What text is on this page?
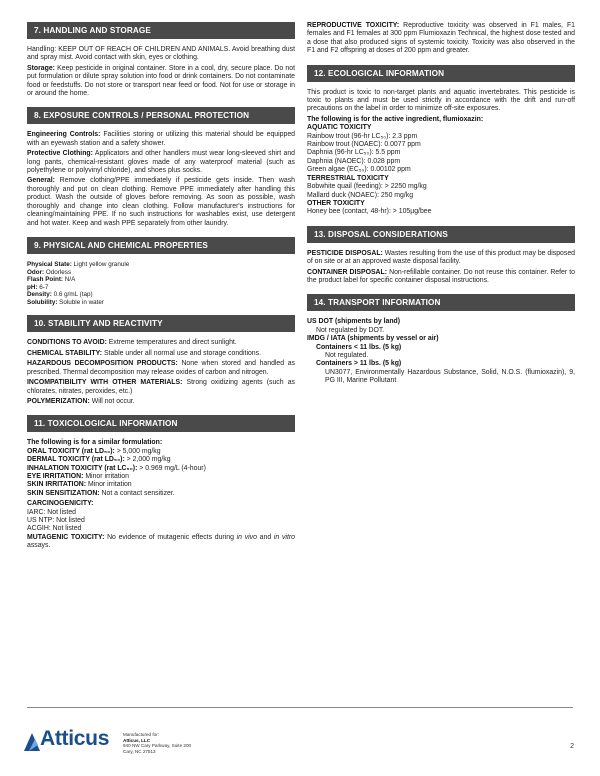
7. HANDLING AND STORAGE

Handling: KEEP OUT OF REACH OF CHILDREN AND ANIMALS. Avoid breathing dust and spray mist. Avoid contact with skin, eyes or clothing.

Storage: Keep pesticide in original container. Store in a cool, dry, secure place. Do not put formulation or dilute spray solution into food or drink containers. Do not contaminate food or feedstuffs. Do not store or transport near feed or food. Not for use or storage in or around the home.

8. EXPOSURE CONTROLS / PERSONAL PROTECTION

Engineering Controls: Facilities storing or utilizing this material should be equipped with an eyewash station and a safety shower.

Protective Clothing: Applicators and other handlers must wear long-sleeved shirt and long pants, chemical-resistant gloves made of any waterproof material (such as polyethylene or polyvinyl chloride), and shoes plus socks.

General: Remove clothing/PPE immediately if pesticide gets inside. Then wash thoroughly and put on clean clothing. Remove PPE immediately after handling this product. Wash the outside of gloves before removing. As soon as possible, wash thoroughly and change into clean clothing. Follow manufacturer's instructions for cleaning/maintaining PPE. If no such instructions for washables exist, use detergent and hot water. Keep and wash PPE separately from other laundry.

9. PHYSICAL AND CHEMICAL PROPERTIES
Physical State: Light yellow granule
Odor: Odorless
Flash Point: N/A
pH: 6-7
Density: 0.6 g/mL (tap)
Solubility: Soluble in water
10. STABILITY AND REACTIVITY

CONDITIONS TO AVOID: Extreme temperatures and direct sunlight.

CHEMICAL STABILITY: Stable under all normal use and storage conditions.

HAZARDOUS DECOMPOSITION PRODUCTS: None when stored and handled as prescribed. Thermal decomposition may release oxides of carbon and nitrogen.

INCOMPATIBILITY WITH OTHER MATERIALS: Strong oxidizing agents (such as chlorates, nitrates, peroxides, etc.)

POLYMERIZATION: Will not occur.

11. TOXICOLOGICAL INFORMATION
The following is for a similar formulation:

ORAL TOXICITY (rat LD₅₀): > 5,000 mg/kg

DERMAL TOXICITY (rat LD₅₀): > 2,000 mg/kg

INHALATION TOXICITY (rat LC₅₀): > 0.969 mg/L (4-hour)

EYE IRRITATION: Minor irritation

SKIN IRRITATION: Minor irritation

SKIN SENSITIZATION: Not a contact sensitizer.

CARCINOGENICITY:

IARC: Not listed

US NTP: Not listed

ACGIH: Not listed

MUTAGENIC TOXICITY: No evidence of mutagenic effects during in vivo and in vitro assays.

REPRODUCTIVE TOXICITY: Reproductive toxicity was observed in F1 males, F1 females and F1 females at 300 ppm Flumioxazin Technical, the highest dose tested and a dose that also produced signs of systemic toxicity. Toxicity was also observed in the F1 and F2 offspring at doses of 200 ppm and greater.

12. ECOLOGICAL INFORMATION

This product is toxic to non-target plants and aquatic invertebrates. This pesticide is toxic to plants and must be used strictly in accordance with the drift and run-off precautions on the label in order to minimize off-site exposures.

The following is for the active ingredient, flumioxazin:
AQUATIC TOXICITY

Rainbow trout (96-hr LC₅₀): 2.3 ppm

Rainbow trout (NOAEC): 0.0077 ppm

Daphnia (96-hr LC₅₀): 5.5 ppm

Daphnia (NAOEC): 0.028 ppm

Green algae (EC₅₀): 0.00102 ppm

TERRESTRIAL TOXICITY

Bobwhite quail (feeding): > 2250 mg/kg

Mallard duck (NOAEC): 250 mg/kg

OTHER TOXICITY

Honey bee (contact, 48-hr): > 105µg/bee

13. DISPOSAL CONSIDERATIONS

PESTICIDE DISPOSAL: Wastes resulting from the use of this product may be disposed of on site or at an approved waste disposal facility.

CONTAINER DISPOSAL: Non-refillable container. Do not reuse this container. Refer to the product label for specific container disposal instructions.

14. TRANSPORT INFORMATION
US DOT (shipments by land)

Not regulated by DOT.

IMDG / IATA (shipments by vessel or air)
Containers < 11 lbs. (5 kg)

Not regulated.

Containers > 11 lbs. (5 kg)

UN3077, Environmentally Hazardous Substance, Solid, N.O.S. (flumioxazin), 9, PG III, Marine Pollutant

Atticus	Manufactured for:
Atticus, LLC
940 NW Cary Parkway, Suite 200
Cary, NC 27513
2
